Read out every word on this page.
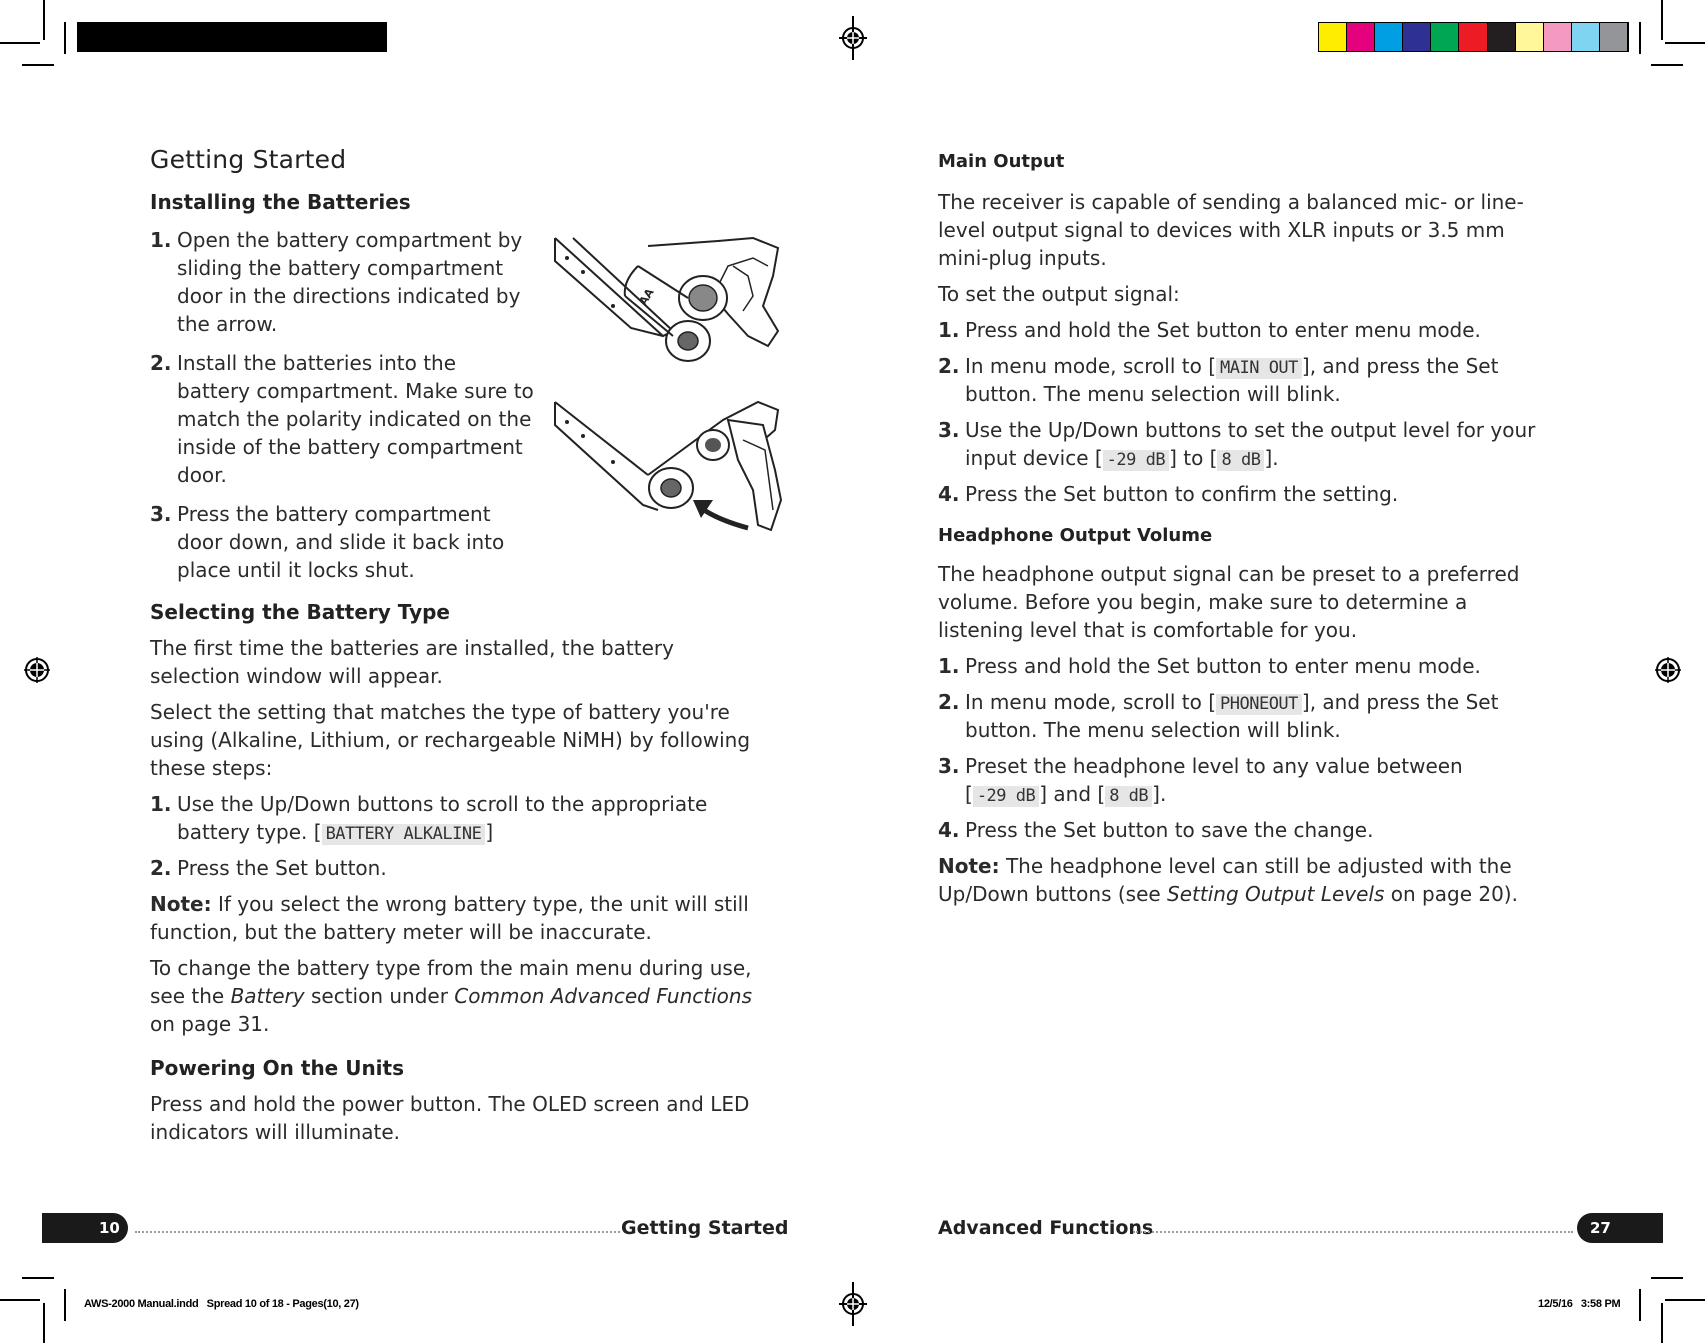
Getting Started
Installing the Batteries
1. Open the battery compartment by sliding the battery compartment door in the directions indicated by the arrow.
2. Install the batteries into the battery compartment. Make sure to match the polarity indicated on the inside of the battery compartment door.
3. Press the battery compartment door down, and slide it back into place until it locks shut.
Selecting the Battery Type

The first time the batteries are installed, the battery selection window will appear.

Select the setting that matches the type of battery you're using (Alkaline, Lithium, or rechargeable NiMH) by following these steps:

1. Use the Up/Down buttons to scroll to the appropriate battery type. [ BATTERY ALKALINE ]
2. Press the Set button.

Note: If you select the wrong battery type, the unit will still function, but the battery meter will be inaccurate.

To change the battery type from the main menu during use, see the Battery section under Common Advanced Functions on page 31.

Powering On the Units

Press and hold the power button. The OLED screen and LED indicators will illuminate.

AA
Main Output

The receiver is capable of sending a balanced mic- or line-level output signal to devices with XLR inputs or 3.5 mm mini-plug inputs.

To set the output signal:

1. Press and hold the Set button to enter menu mode.
2. In menu mode, scroll to [ MAIN OUT ], and press the Set button. The menu selection will blink.
3. Use the Up/Down buttons to set the output level for your input device [ -29 dB ] to [ 8 dB ].
4. Press the Set button to confirm the setting.
Headphone Output Volume

The headphone output signal can be preset to a preferred volume. Before you begin, make sure to determine a listening level that is comfortable for you.

1. Press and hold the Set button to enter menu mode.
2. In menu mode, scroll to [ PHONEOUT ], and press the Set button. The menu selection will blink.
3. Preset the headphone level to any value between [ -29 dB ] and [ 8 dB ].
4. Press the Set button to save the change.

Note: The headphone level can still be adjusted with the Up/Down buttons (see Setting Output Levels on page 20).

10	Getting Started	Advanced Functions	27
AWS-2000 Manual.indd   Spread 10 of 18 - Pages(10, 27)	12/5/16   3:58 PM
